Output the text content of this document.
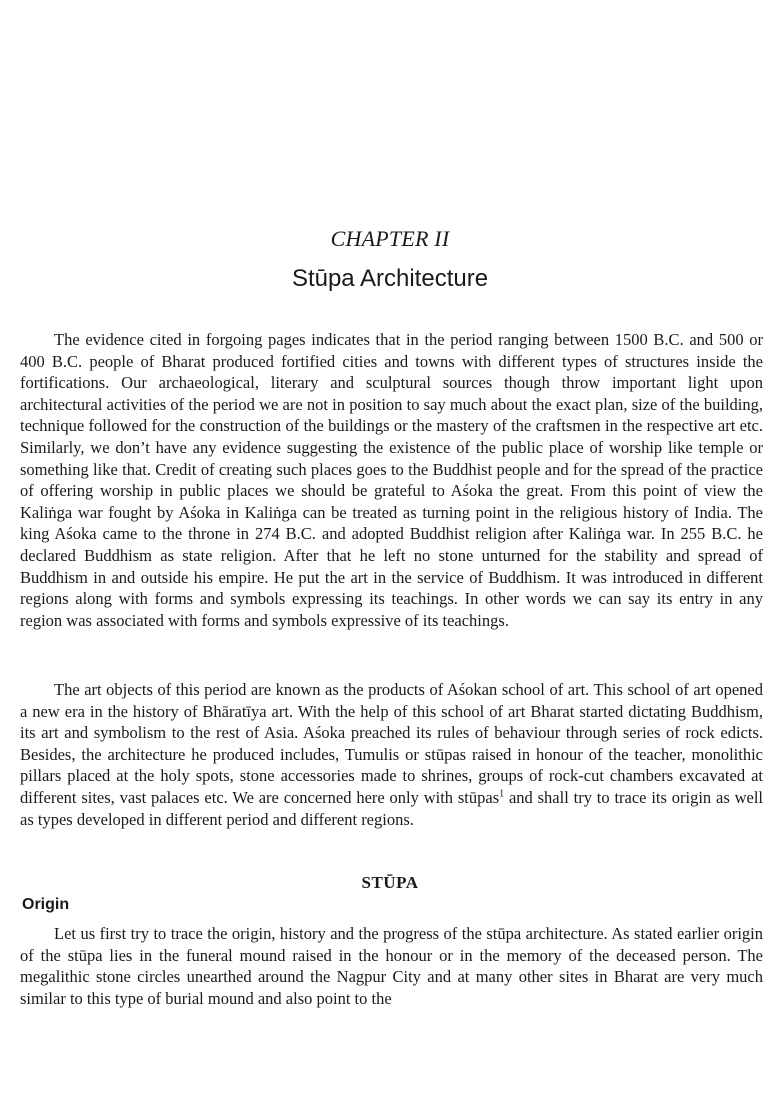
CHAPTER II
Stūpa Architecture

The evidence cited in forgoing pages indicates that in the period ranging between 1500 B.C. and 500 or 400 B.C. people of Bharat produced fortified cities and towns with different types of structures inside the fortifications. Our archaeological, literary and sculptural sources though throw important light upon architectural activities of the period we are not in position to say much about the exact plan, size of the building, technique followed for the construction of the buildings or the mastery of the craftsmen in the respective art etc. Similarly, we don’t have any evidence suggesting the existence of the public place of worship like temple or something like that. Credit of creating such places goes to the Buddhist people and for the spread of the practice of offering worship in public places we should be grateful to Aśoka the great. From this point of view the Kaliṅga war fought by Aśoka in Kaliṅga can be treated as turning point in the religious history of India. The king Aśoka came to the throne in 274 B.C. and adopted Buddhist religion after Kaliṅga war. In 255 B.C. he declared Buddhism as state religion. After that he left no stone unturned for the stability and spread of Buddhism in and outside his empire. He put the art in the service of Buddhism. It was introduced in different regions along with forms and symbols expressing its teachings. In other words we can say its entry in any region was associated with forms and symbols expressive of its teachings.

The art objects of this period are known as the products of Aśokan school of art. This school of art opened a new era in the history of Bhāratīya art. With the help of this school of art Bharat started dictating Buddhism, its art and symbolism to the rest of Asia. Aśoka preached its rules of behaviour through series of rock edicts. Besides, the architecture he produced includes, Tumulis or stūpas raised in honour of the teacher, monolithic pillars placed at the holy spots, stone accessories made to shrines, groups of rock-cut chambers excavated at different sites, vast palaces etc. We are concerned here only with stūpas$^1$ and shall try to trace its origin as well as types developed in different period and different regions.

STŪPA
Origin

Let us first try to trace the origin, history and the progress of the stūpa architecture. As stated earlier origin of the stūpa lies in the funeral mound raised in the honour or in the memory of the deceased person. The megalithic stone circles unearthed around the Nagpur City and at many other sites in Bharat are very much similar to this type of burial mound and also point to the
